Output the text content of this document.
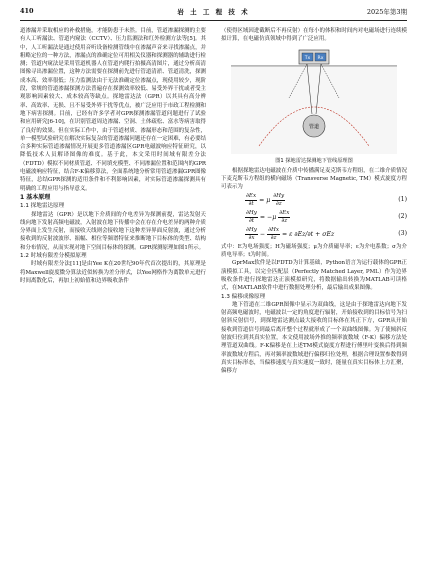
410	岩 土 工 程 技 术	2025年第3期

道渗漏并采取相应的补救措施，才能防患于未然。目前，管道渗漏探测的主要有人工听漏法、管道内窥法（CCTV）、压力监测法和红外检测方法等[5]。其中，人工听漏法是通过使用音听设备检测管线中在渗漏声音来寻找渗漏点，并粗略定位的一种方法，渗漏点的准确定位可用相关仪器和探测器的辅助进行检测；管道内窥法是采用管道机器人在管道内爬行拍摄高清图片，通过分析高清图像寻出渗漏位置，这种方法需要在探测前先进行管道清淤、管道清洗，探测成本高、效率很低；压力监测法由于无法准确定位渗漏点，现使用较少，现阶段，常规的管道渗漏探测方法普遍存在探测效率较低、易受外界干扰或者受主观影响因素较大、成本较高等缺点。探地雷达法（GPR）以其具有高分辨率、高效率、无损、且不易受外界干扰等优点，被广泛应用于市政工程检测和地下病害探测。目前，已经有许多学者对GPR探测渗漏管道问题进行了试验和应用研究[6-10]，在识别管道周边渗漏、空洞、土体疏松、富水等病害取得了良好的效果。但在实际工作中，由于管道材质、渗漏形态和范围的复杂性，单一模型试验研究在解决实际复杂的管道渗漏问题还存在一定困难，有必要结合多种实际管道渗漏情况开展更多管道渗漏区GPR电磁波响应特征研究，以降低技术人员解译图像的难度。基于此，本文采用时间域有限差分法（FDTD）模拟不同材质管道、不同填充模型、不同渗漏位置和范围内的GPR电磁波响应特征，结合F-K偏移算法，全面系统地分析常用管道渗漏GPR图像特征，总结GPR探测的适用条件和不利影响因素，对实际管道渗漏探测具有明确的工程应用与指导意义。

1 基本原理
1.1 探地雷达原理

探地雷达（GPR）是以地下介质间的介电差异为探测前提，雷达发射天线向地下发射高频电磁波，入射波在地下传播中会在存在介电差异的两种介质分界面上发生反射，而接收天线则会接收地下这种差异界面反射波，通过分析接收到的反射波波形、振幅、相位等频谱特征来推断地下目标体的类型、结构和分布情况，从而实现对地下空间目标体的探测。GPR探测原理如图1所示。

1.2 时域有限差分模拟原理

时域有限差分法[11]是由Yee K在20世纪90年代首次提出的，其原理是将Maxwell旋度微分算法近似转换为差分形式，以Yee网格作为离散单元进行时间离散化后，再加上初始值和边界吸收条件

（使得区域因进截断后不再反射）在每小的体积和时间内对电磁场进行连续模拟计算，在电磁仿真领域中得到了广泛应用。

Tx Rx
管道
图1 探地雷达探测地下管线原理图

根据探地雷达电磁波在介质中传播满足麦克斯韦方程组，在二维介质情况下麦克斯韦方程组的横向磁场（Transverse Magnetic, TM）模式旋度方程可表示为

$\frac{\partial Ex}{\partial t} = \mu \frac{\partial Hy}{\partial z}$	(1)
$\frac{\partial Hy}{\partial t} = -\mu \frac{\partial Ex}{\partial z}$	(2)
$\frac{\partial Hy}{\partial x} - \frac{\partial Hx}{\partial z} = \varepsilon$ ∂Ez/∂t + σEz	(3)

式中：E为电场强度；H为磁场强度；μ为介质磁导率；ε为介电系数；σ为介质电导率；t为时间。

GprMax软件是以FDTD为计算基础，Python语言为运行载体的GPR正演模拟工具，以完全匹配层（Perfectly Matched Layer, PML）作为边界吸收条件进行探地雷达正演模拟研究，将数据输出转换为MATLAB可读格式，在MATLAB软件中进行数据处理分析，最后输出成果图像。

1.3 偏移成像原理

地下管道在二维GPR图像中显示为双曲线，这是由于探地雷达向地下发射高频电磁波时，电磁波以一定的角度进行辐射，开始接收到的目标信号为扫射斜反射信号，到探地雷达测点最大接收的目标体在其正下方，GPR从开始接收到管道信号到最后离开整个过程就形成了一个双曲线图像。为了使倾斜反射波归位到其真实位置，本文使用波场外推的频率波数域（F-K）偏移方法处理管道双曲线。F-K偏移是在上述TM模式旋度方程进行傅里叶变换后得到频率波数域方程后，再对频率波数域进行偏移归位处理，根据合理设置参数得到真实目标形态，当偏移速度与真实速度一致时，能量在真实目标体上方汇聚，偏移方
